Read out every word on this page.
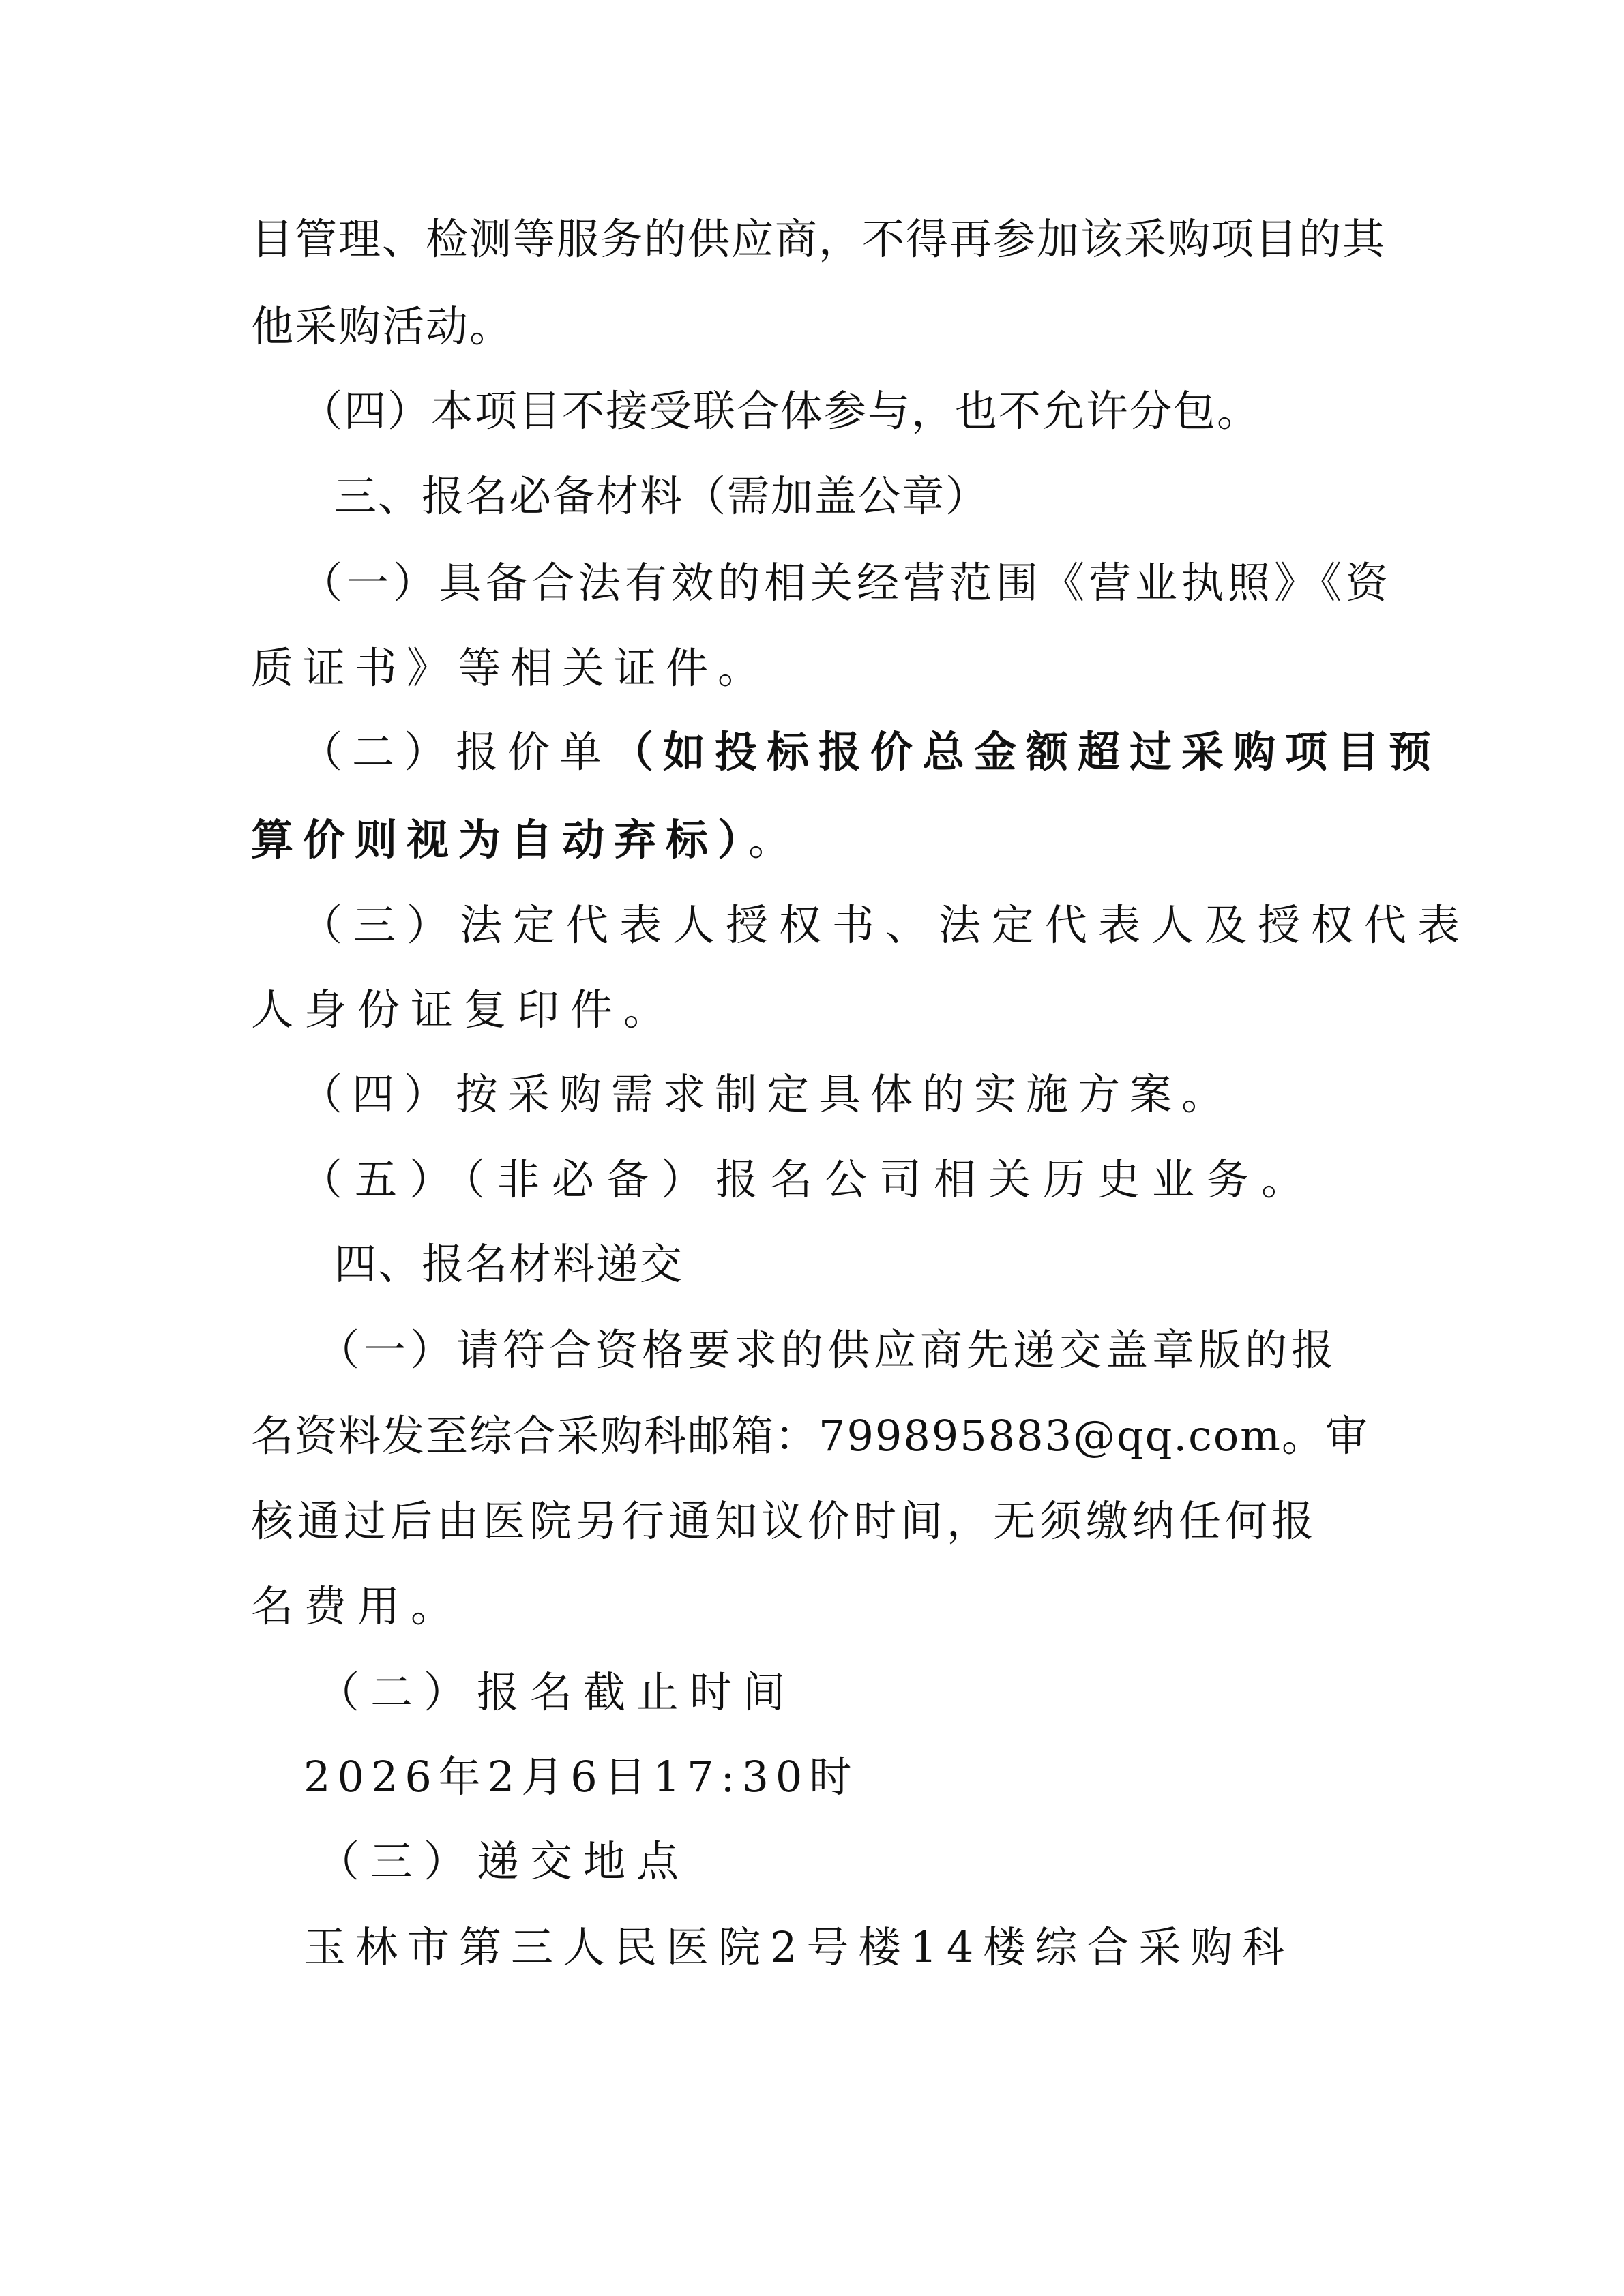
目管理、检测等服务的供应商，不得再参加该采购项目的其
他采购活动。
（四）本项目不接受联合体参与，也不允许分包。
三、报名必备材料（需加盖公章）
（一）具备合法有效的相关经营范围《营业执照》《资
质证书》等相关证件。
（二）报价单（如投标报价总金额超过采购项目预
算价则视为自动弃标）。
（三）法定代表人授权书、法定代表人及授权代表
人身份证复印件。
（四）按采购需求制定具体的实施方案。
（五）（非必备）报名公司相关历史业务。
四、报名材料递交
（一）请符合资格要求的供应商先递交盖章版的报
名资料发至综合采购科邮箱：799895883@qq.com。审
核通过后由医院另行通知议价时间，无须缴纳任何报
名费用。
（二）报名截止时间
2026年2月6日17:30时
（三）递交地点
玉林市第三人民医院2号楼14楼综合采购科
